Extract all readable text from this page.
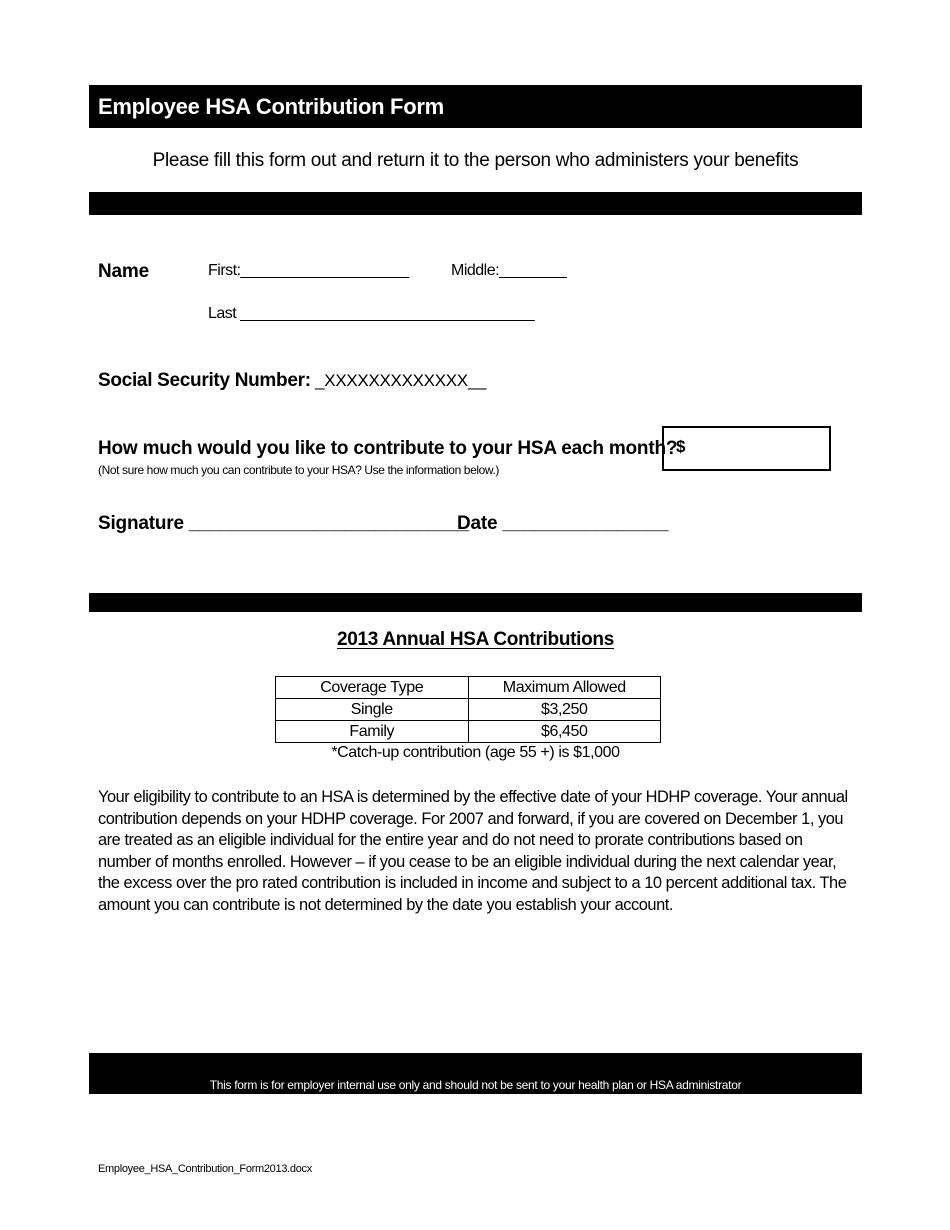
Employee HSA Contribution Form
Please fill this form out and return it to the person who administers your benefits
Name	First:____________________	Middle:________
Last ___________________________________
Social Security Number: _XXXXXXXXXXXXX__
How much would you like to contribute to your HSA each month?
(Not sure how much you can contribute to your HSA? Use the information below.)
$
Signature ___________________________
Date ________________
2013 Annual HSA Contributions
Coverage Type	Maximum Allowed
Single	$3,250
Family	$6,450
*Catch-up contribution (age 55 +) is $1,000
Your eligibility to contribute to an HSA is determined by the effective date of your HDHP coverage. Your annual contribution depends on your HDHP coverage. For 2007 and forward, if you are covered on December 1, you are treated as an eligible individual for the entire year and do not need to prorate contributions based on number of months enrolled. However – if you cease to be an eligible individual during the next calendar year, the excess over the pro rated contribution is included in income and subject to a 10 percent additional tax. The amount you can contribute is not determined by the date you establish your account.
This form is for employer internal use only and should not be sent to your health plan or HSA administrator
Employee_HSA_Contribution_Form2013.docx
